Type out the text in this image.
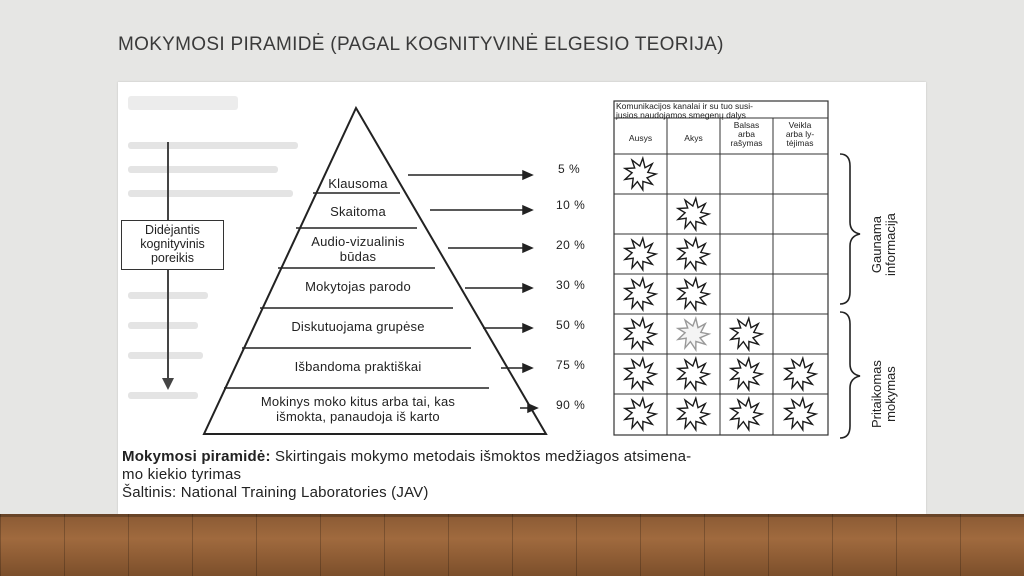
MOKYMOSI PIRAMIDĖ (PAGAL KOGNITYVINĖ ELGESIO TEORIJA)
Didėjantis
kognityvinis
poreikis
Klausoma
Skaitoma
Audio-vizualinis
būdas
Mokytojas parodo
Diskutuojama grupėse
Išbandoma praktiškai
Mokinys moko kitus arba tai, kas
išmokta, panaudoja iš karto
5 %
10 %
20 %
30 %
50 %
75 %
90 %
Komunikacijos kanalai ir su tuo susi-
jusios naudojamos smegenų dalys
Ausys	Akys
Balsas
arba
rašymas
Veikla
arba ly-
tėjimas
Gaunama informacija
Pritaikomas mokymas
Mokymosi piramidė: Skirtingais mokymo metodais išmoktos medžiagos atsimena-
mo kiekio tyrimas
Šaltinis: National Training Laboratories (JAV)
